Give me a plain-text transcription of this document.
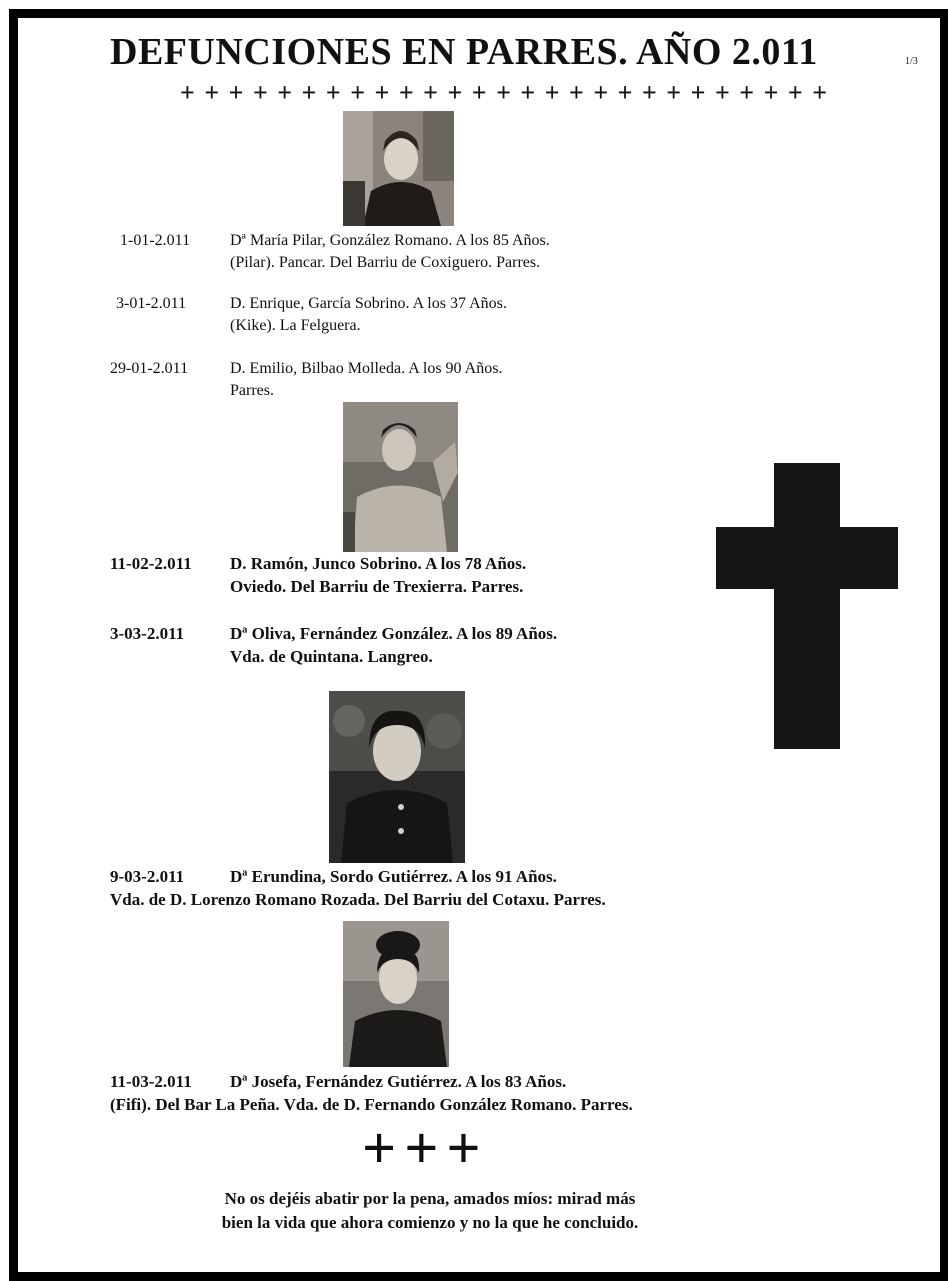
DEFUNCIONES EN PARRES. AÑO 2.011	1/3
+ + + + + + + + + + + + + + + + + + + + + + + + + + +
1-01-2.011 Dª María Pilar, González Romano. A los 85 Años.
(Pilar). Pancar. Del Barriu de Coxiguero. Parres.
3-01-2.011	D. Enrique, García Sobrino. A los 37 Años.
(Kike). La Felguera.
29-01-2.011	D. Emilio, Bilbao Molleda. A los 90 Años.
Parres.
11-02-2.011 D. Ramón, Junco Sobrino. A los 78 Años.
Oviedo. Del Barriu de Trexierra. Parres.
3-03-2.011	Dª Oliva, Fernández González. A los 89 Años.
Vda. de Quintana. Langreo.
9-03-2.011	Dª Erundina, Sordo Gutiérrez. A los 91 Años.
Vda. de D. Lorenzo Romano Rozada. Del Barriu del Cotaxu. Parres.
11-03-2.011 Dª Josefa, Fernández Gutiérrez. A los 83 Años.
(Fifi). Del Bar La Peña. Vda. de D. Fernando González Romano. Parres.
+++
No os dejéis abatir por la pena, amados míos: mirad más
bien la vida que ahora comienzo y no la que he concluido.
